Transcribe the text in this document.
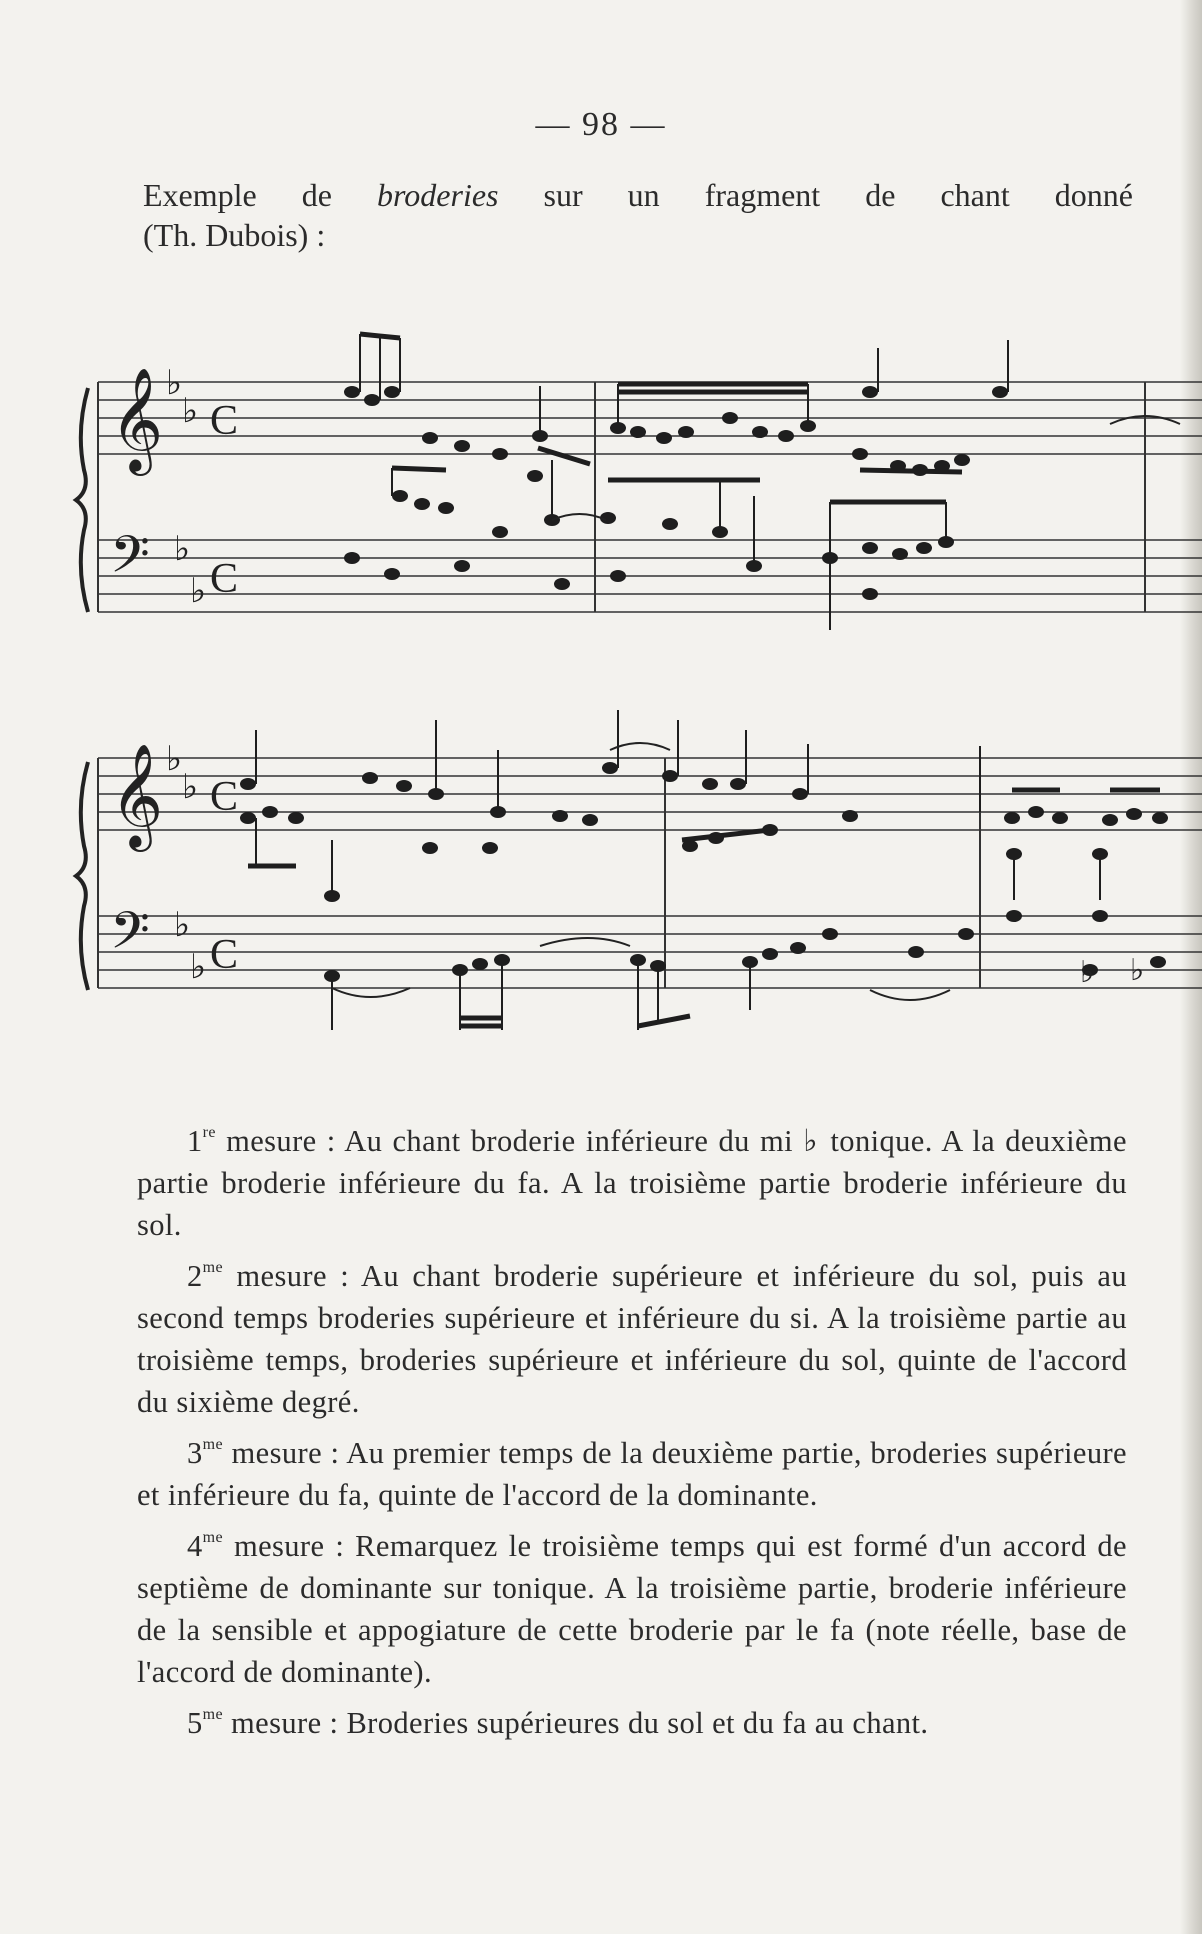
— 98 —

Exemple de broderies sur un fragment de chant donné

(Th. Dubois) :

𝄞
𝄢
♭
♭
♭
♭
C
C
𝄞
𝄢
♭
♭
♭
♭
C
C	♭ ♭

1re mesure : Au chant broderie inférieure du mi ♭ tonique. A la deuxième partie broderie inférieure du fa. A la troisième partie broderie inférieure du sol.

$2^{me}$ mesure : Au chant broderie supérieure et inférieure du sol, puis au second temps broderies supérieure et inférieure du si. A la troisième partie au troisième temps, broderies supérieure et inférieure du sol, quinte de l'accord du sixième degré.

$3^{me}$ mesure : Au premier temps de la deuxième partie, broderies supérieure et inférieure du fa, quinte de l'accord de la dominante.

$4^{me}$ mesure : Remarquez le troisième temps qui est formé d'un accord de septième de dominante sur tonique. A la troisième partie, broderie inférieure de la sensible et appogiature de cette broderie par le fa (note réelle, base de l'accord de dominante).

$5^{me}$ mesure : Broderies supérieures du sol et du fa au chant.
